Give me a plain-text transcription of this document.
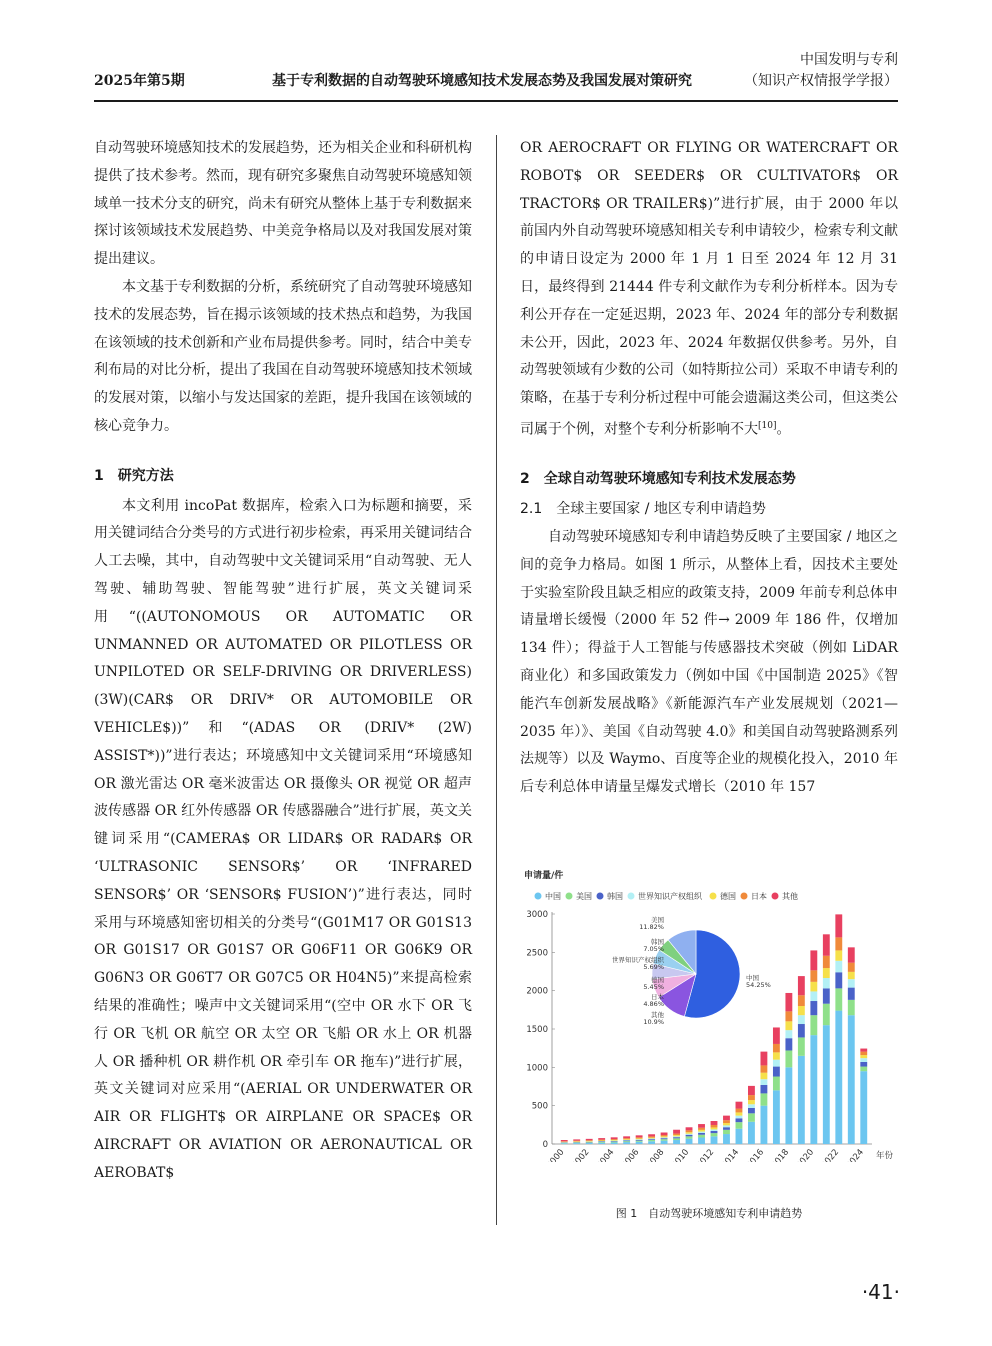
2025年第5期	基于专利数据的自动驾驶环境感知技术发展态势及我国发展对策研究
中国发明与专利
（知识产权情报学学报）

自动驾驶环境感知技术的发展趋势，还为相关企业和科研机构提供了技术参考。然而，现有研究多聚焦自动驾驶环境感知领域单一技术分支的研究，尚未有研究从整体上基于专利数据来探讨该领域技术发展趋势、中美竞争格局以及对我国发展对策提出建议。

本文基于专利数据的分析，系统研究了自动驾驶环境感知技术的发展态势，旨在揭示该领域的技术热点和趋势，为我国在该领域的技术创新和产业布局提供参考。同时，结合中美专利布局的对比分析，提出了我国在自动驾驶环境感知技术领域的发展对策，以缩小与发达国家的差距，提升我国在该领域的核心竞争力。

1　研究方法

本文利用 incoPat 数据库，检索入口为标题和摘要，采用关键词结合分类号的方式进行初步检索，再采用关键词结合人工去噪，其中，自动驾驶中文关键词采用“自动驾驶、无人驾驶、辅助驾驶、智能驾驶”进行扩展，英文关键词采用“((AUTONOMOUS OR AUTOMATIC OR UNMANNED OR AUTOMATED OR PILOTLESS OR UNPILOTED OR SELF-DRIVING OR DRIVERLESS)(3W)(CAR$ OR DRIV* OR AUTOMOBILE OR VEHICLE$))”和“(ADAS OR (DRIV* (2W) ASSIST*))”进行表达；环境感知中文关键词采用“环境感知 OR 激光雷达 OR 毫米波雷达 OR 摄像头 OR 视觉 OR 超声波传感器 OR 红外传感器 OR 传感器融合”进行扩展，英文关键词采用“(CAMERA$ OR LIDAR$ OR RADAR$ OR ‘ULTRASONIC SENSOR$’ OR ‘INFRARED SENSOR$’ OR ‘SENSOR$ FUSION’)”进行表达，同时采用与环境感知密切相关的分类号“(G01M17 OR G01S13 OR G01S17 OR G01S7 OR G06F11 OR G06K9 OR G06N3 OR G06T7 OR G07C5 OR H04N5)”来提高检索结果的准确性；噪声中文关键词采用“(空中 OR 水下 OR 飞行 OR 飞机 OR 航空 OR 太空 OR 飞船 OR 水上 OR 机器人 OR 播种机 OR 耕作机 OR 牵引车 OR 拖车)”进行扩展，英文关键词对应采用“(AERIAL OR UNDERWATER OR AIR OR FLIGHT$ OR AIRPLANE OR SPACE$ OR AIRCRAFT OR AVIATION OR AERONAUTICAL OR AEROBAT$

OR AEROCRAFT OR FLYING OR WATERCRAFT OR ROBOT$ OR SEEDER$ OR CULTIVATOR$ OR TRACTOR$ OR TRAILER$)”进行扩展，由于 2000 年以前国内外自动驾驶环境感知相关专利申请较少，检索专利文献的申请日设定为 2000 年 1 月 1 日至 2024 年 12 月 31 日，最终得到 21444 件专利文献作为专利分析样本。因为专利公开存在一定延迟期，2023 年、2024 年的部分专利数据未公开，因此，2023 年、2024 年数据仅供参考。另外，自动驾驶领域有少数的公司（如特斯拉公司）采取不申请专利的策略，在基于专利分析过程中可能会遗漏这类公司，但这类公司属于个例，对整个专利分析影响不大[10]。

2　全球自动驾驶环境感知专利技术发展态势
2.1　全球主要国家 / 地区专利申请趋势

自动驾驶环境感知专利申请趋势反映了主要国家 / 地区之间的竞争力格局。如图 1 所示，从整体上看，因技术主要处于实验室阶段且缺乏相应的政策支持，2009 年前专利总体申请量增长缓慢（2000 年 52 件→ 2009 年 186 件，仅增加 134 件）；得益于人工智能与传感器技术突破（例如 LiDAR 商业化）和多国政策发力（例如中国《中国制造 2025》《智能汽车创新发展战略》《新能源汽车产业发展规划（2021—2035 年）》、美国《自动驾驶 4.0》和美国自动驾驶路测系列法规等）以及 Waymo、百度等企业的规模化投入，2010 年后专利总体申请量呈爆发式增长（2010 年 157

申请量/件
中国 美国 韩国 世界知识产权组织 德国 日本 其他
0
500
1000
1500
2000
2500
3000
2000 2002 2004 2006 2008 2010 2012 2014 2016 2018 2020 2022 2024 年份
中国
54.25%
美国
11.82%
韩国
7.05%
世界知识产权组织
5.69%
德国
5.45%
日本
4.86%
其他
10.9%
图 1　自动驾驶环境感知专利申请趋势
·41·
